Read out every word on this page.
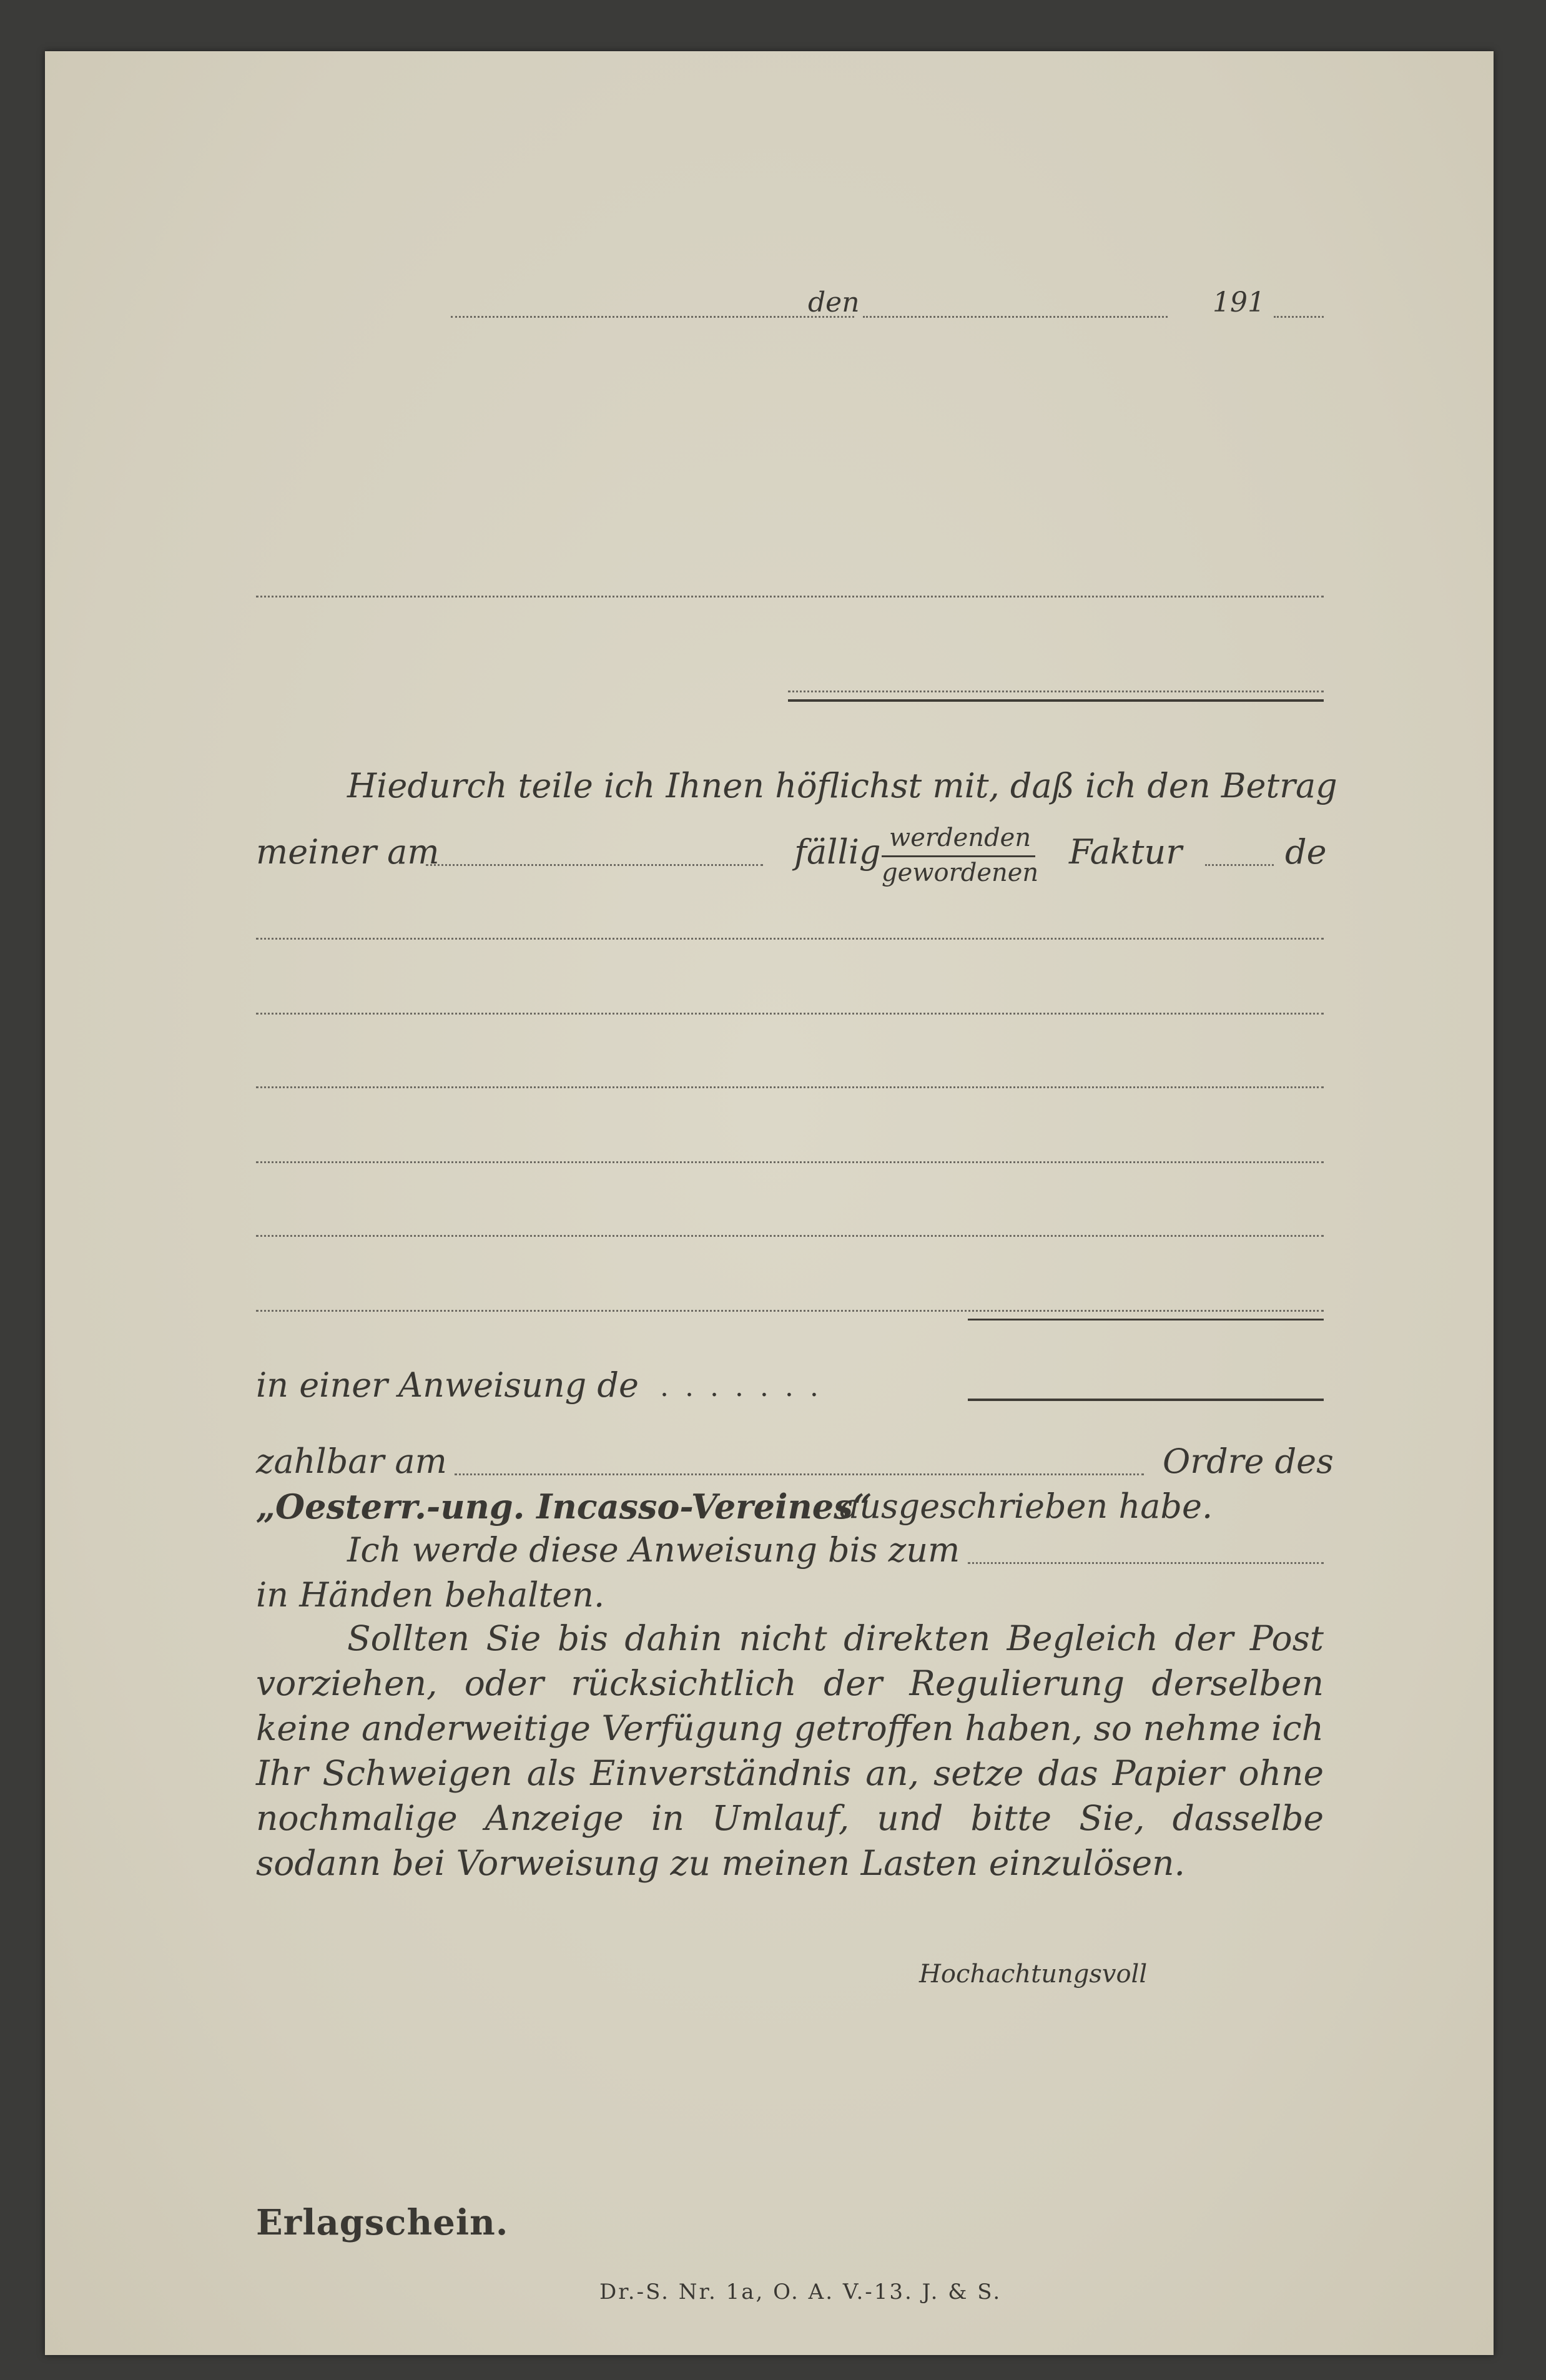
den	191
Hiedurch teile ich Ihnen höflichst mit, daß ich den Betrag
meiner am	fällig werdenden
gewordenen
Faktur	de
in einer Anweisung de . . . . . . .
zahlbar am	Ordre des
„Oesterr.-ung. Incasso-Vereines“
ausgeschrieben habe.
Ich werde diese Anweisung bis zum
in Händen behalten.
Sollten Sie bis dahin nicht direkten Begleich der Post vorziehen, oder rücksichtlich der Regulierung derselben keine anderweitige Verfügung getroffen haben, so nehme ich Ihr Schweigen als Einverständnis an, setze das Papier ohne nochmalige Anzeige in Umlauf, und bitte Sie, dasselbe sodann bei Vorweisung zu meinen Lasten einzulösen.
Hochachtungsvoll
Erlagschein.
Dr.-S. Nr. 1a, O. A. V.-13. J. & S.
